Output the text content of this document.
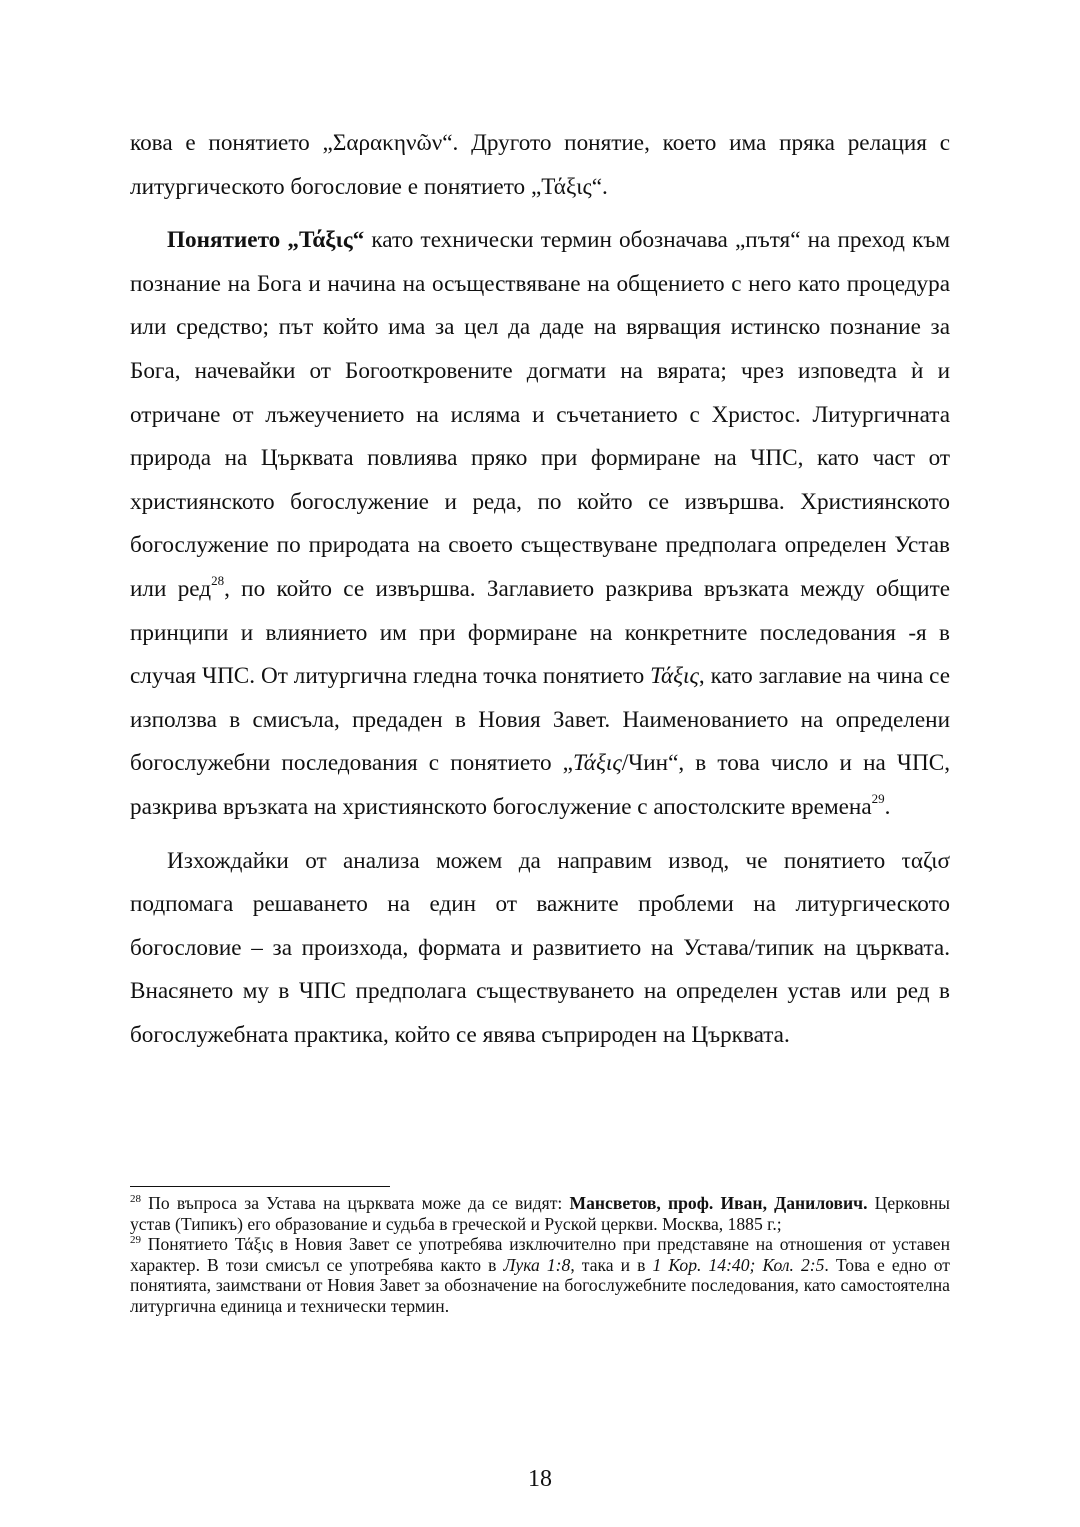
кова е понятието „Σαρακηνῶν“. Другото понятие, което има пряка релация с литургическото богословие е понятието „Τάξις“.

Понятието „Τάξις“ като технически термин обозначава „пътя“ на преход към познание на Бога и начина на осъществяване на общението с него като процедура или средство; път който има за цел да даде на вярващия истинско познание за Бога, начевайки от Богооткровените догмати на вярата; чрез изповедта ѝ и отричане от лъжеучението на исляма и съчетанието с Христос. Литургичната природа на Църквата повлиява пряко при формиране на ЧПС, като част от християнското богослужение и реда, по който се извършва. Християнското богослужение по природата на своето съществуване предполага определен Устав или ред$^{28}$, по който се извършва. Заглавието разкрива връзката между общите принципи и влиянието им при формиране на конкретните последования -я в случая ЧПС. От литургична гледна точка понятието Τάξις, като заглавие на чина се използва в смисъла, предаден в Новия Завет. Наименованието на определени богослужебни последования с понятието „Τάξις/Чин“, в това число и на ЧПС, разкрива връзката на християнското богослужение с апостолските времена$^{29}$.

Изхождайки от анализа можем да направим извод, че понятието ταζισ подпомага решаването на един от важните проблеми на литургическото богословие – за произхода, формата и развитието на Устава/типик на църквата. Внасянето му в ЧПС предполага съществуването на определен устав или ред в богослужебната практика, който се явява съприроден на Църквата.

$^{28}$ По въпроса за Устава на църквата може да се видят: Мансветов, проф. Иван, Данилович. Церковны устав (Типикъ) его образование и судьба в греческой и Руской церкви. Москва, 1885 г.;

$^{29}$ Понятието Τάξις в Новия Завет се употребява изключително при представяне на отношения от уставен характер. В този смисъл се употребява както в Лука 1:8, така и в 1 Кор. 14:40; Кол. 2:5. Това е едно от понятията, заимствани от Новия Завет за обозначение на богослужебните последования, като самостоятелна литургична единица и технически термин.

18
